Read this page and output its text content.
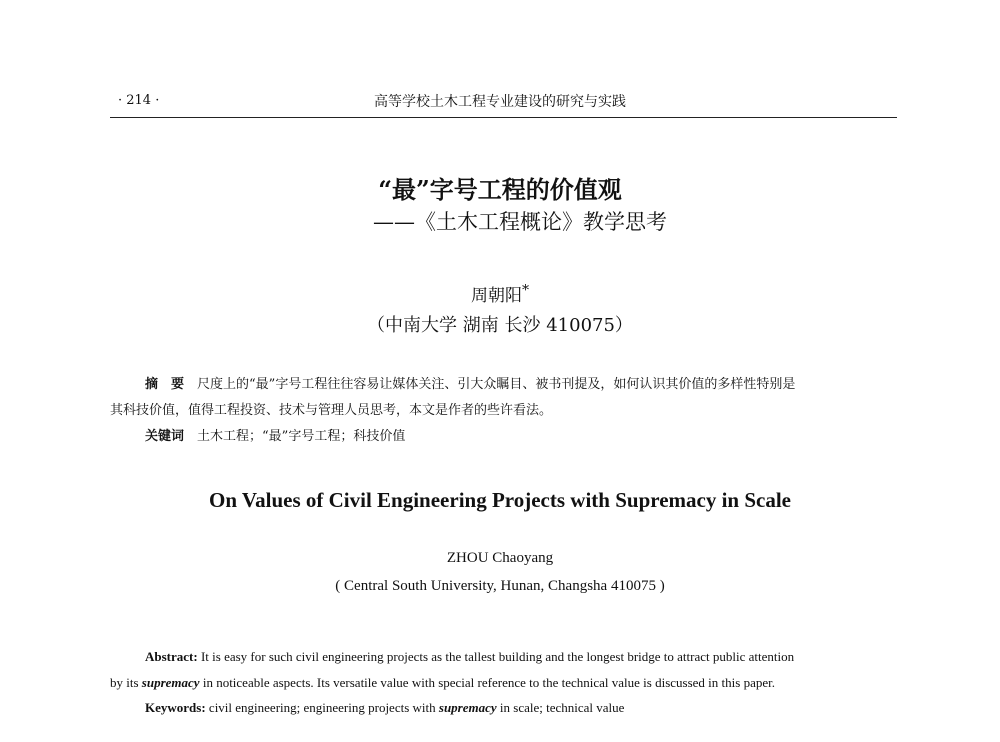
· 214 ·	高等学校土木工程专业建设的研究与实践
“最”字号工程的价值观
——《土木工程概论》教学思考
周朝阳*
（中南大学 湖南 长沙 410075）
摘　要　 尺度上的“最”字号工程往往容易让媒体关注、引大众瞩目、被书刊提及，如何认识其价值的多样性特别是
其科技价值，值得工程投资、技术与管理人员思考，本文是作者的些许看法。
关键词　 土木工程；“最”字号工程；科技价值
On Values of Civil Engineering Projects with Supremacy in Scale
ZHOU Chaoyang
( Central South University, Hunan, Changsha 410075 )
Abstract: It is easy for such civil engineering projects as the tallest building and the longest bridge to attract public attention
by its supremacy in noticeable aspects. Its versatile value with special reference to the technical value is discussed in this paper.
Keywords: civil engineering; engineering projects with supremacy in scale; technical value
